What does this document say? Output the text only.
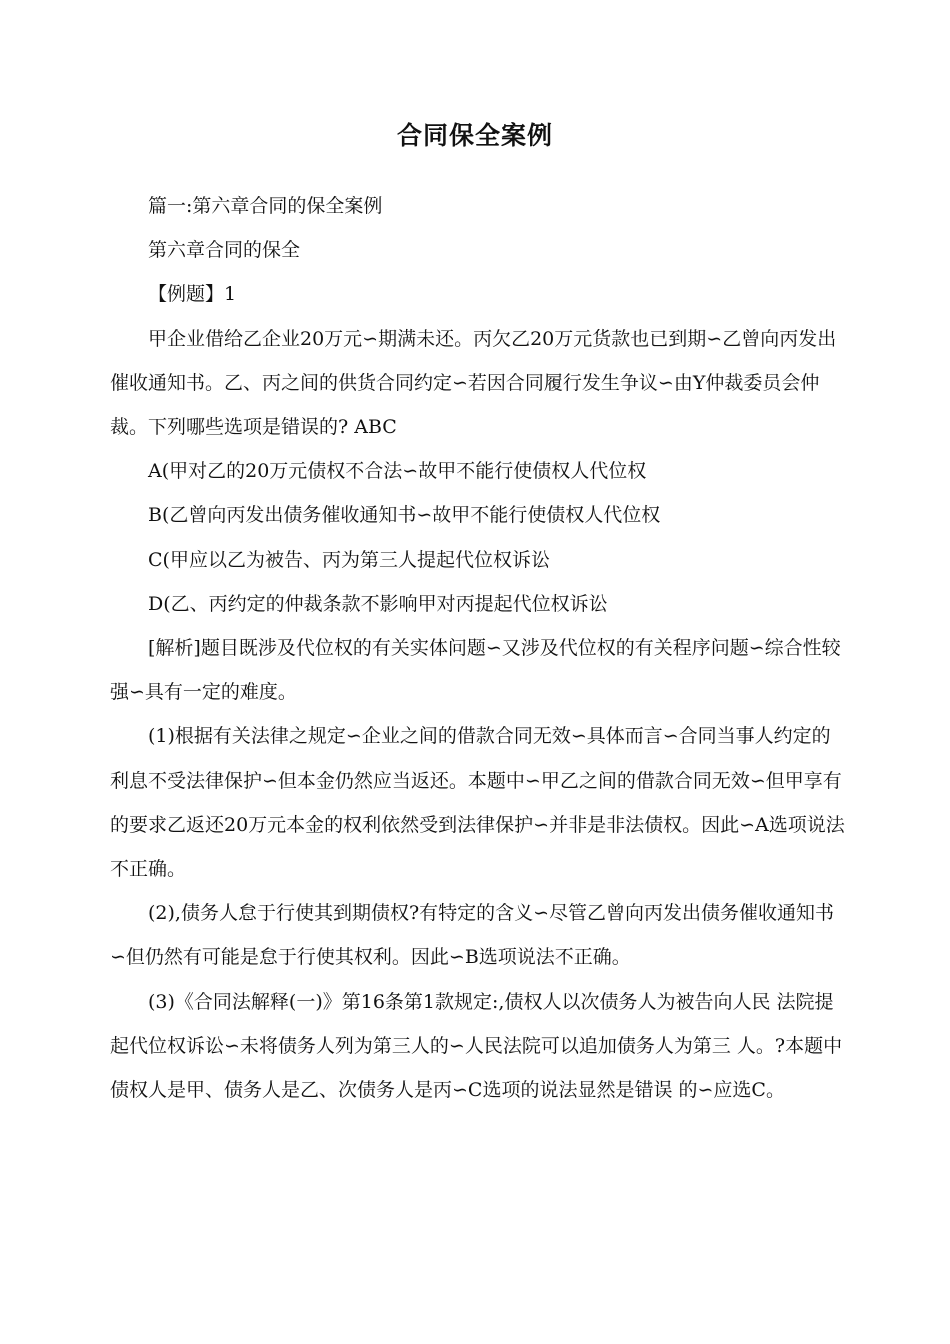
合同保全案例

篇一:第六章合同的保全案例

第六章合同的保全

【例题】1

甲企业借给乙企业20万元∽期满未还。丙欠乙20万元货款也已到期∽乙曾向丙发出催收通知书。乙、丙之间的供货合同约定∽若因合同履行发生争议∽由Y仲裁委员会仲裁。下列哪些选项是错误的? ABC

A(甲对乙的20万元债权不合法∽故甲不能行使债权人代位权

B(乙曾向丙发出债务催收通知书∽故甲不能行使债权人代位权

C(甲应以乙为被告、丙为第三人提起代位权诉讼

D(乙、丙约定的仲裁条款不影响甲对丙提起代位权诉讼

[解析]题目既涉及代位权的有关实体问题∽又涉及代位权的有关程序问题∽综合性较强∽具有一定的难度。

(1)根据有关法律之规定∽企业之间的借款合同无效∽具体而言∽合同当事人约定的利息不受法律保护∽但本金仍然应当返还。本题中∽甲乙之间的借款合同无效∽但甲享有的要求乙返还20万元本金的权利依然受到法律保护∽并非是非法债权。因此∽A选项说法不正确。

(2),债务人怠于行使其到期债权?有特定的含义∽尽管乙曾向丙发出债务催收通知书∽但仍然有可能是怠于行使其权利。因此∽B选项说法不正确。

(3)《合同法解释(一)》第16条第1款规定:,债权人以次债务人为被告向人民 法院提起代位权诉讼∽未将债务人列为第三人的∽人民法院可以追加债务人为第三 人。?本题中债权人是甲、债务人是乙、次债务人是丙∽C选项的说法显然是错误 的∽应选C。
